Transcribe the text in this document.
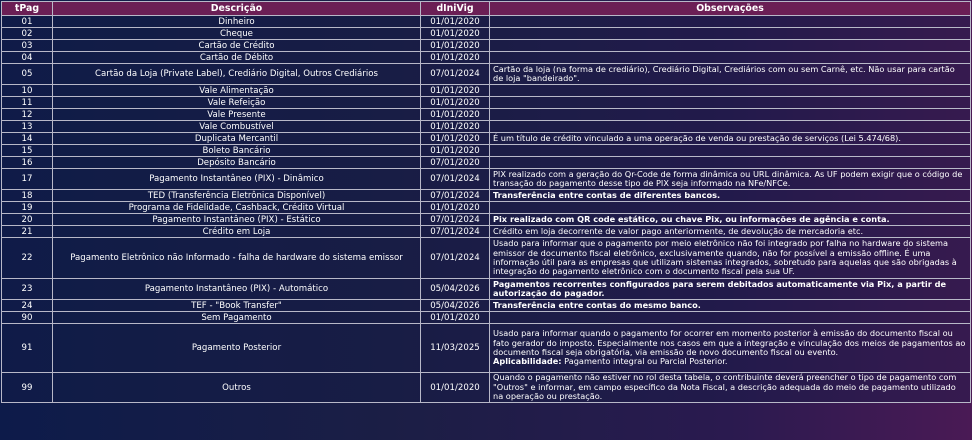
tPag	Descrição	dIniVig	Observações
01	Dinheiro	01/01/2020	
02	Cheque	01/01/2020	
03	Cartão de Crédito	01/01/2020	
04	Cartão de Débito	01/01/2020	
05	Cartão da Loja (Private Label), Crediário Digital, Outros Crediários	07/01/2024	Cartão da loja (na forma de crediário), Crediário Digital, Crediários com ou sem Carnê, etc. Não usar para cartão de loja "bandeirado".
10	Vale Alimentação	01/01/2020	
11	Vale Refeição	01/01/2020	
12	Vale Presente	01/01/2020	
13	Vale Combustível	01/01/2020	
14	Duplicata Mercantil	01/01/2020	É um título de crédito vinculado a uma operação de venda ou prestação de serviços (Lei 5.474/68).
15	Boleto Bancário	01/01/2020	
16	Depósito Bancário	07/01/2020	
17	Pagamento Instantâneo (PIX) - Dinâmico	07/01/2024	PIX realizado com a geração do Qr-Code de forma dinâmica ou URL dinâmica. As UF podem exigir que o código de transação do pagamento desse tipo de PIX seja informado na NFe/NFCe.
18	TED (Transferência Eletrônica Disponível)	07/01/2024	Transferência entre contas de diferentes bancos.
19	Programa de Fidelidade, Cashback, Crédito Virtual	01/01/2020	
20	Pagamento Instantâneo (PIX) - Estático	07/01/2024	Pix realizado com QR code estático, ou chave Pix, ou informações de agência e conta.
21	Crédito em Loja	07/01/2024	Crédito em loja decorrente de valor pago anteriormente, de devolução de mercadoria etc.
22	Pagamento Eletrônico não Informado - falha de hardware do sistema emissor	07/01/2024	Usado para informar que o pagamento por meio eletrônico não foi integrado por falha no hardware do sistema emissor de documento fiscal eletrônico, exclusivamente quando, não for possível a emissão offline. É uma informação útil para as empresas que utilizam sistemas integrados, sobretudo para aquelas que são obrigadas à integração do pagamento eletrônico com o documento fiscal pela sua UF.
23	Pagamento Instantâneo (PIX) - Automático	05/04/2026	Pagamentos recorrentes configurados para serem debitados automaticamente via Pix, a partir de autorização do pagador.
24	TEF - "Book Transfer"	05/04/2026	Transferência entre contas do mesmo banco.
90	Sem Pagamento	01/01/2020	
91	Pagamento Posterior	11/03/2025	Usado para informar quando o pagamento for ocorrer em momento posterior à emissão do documento fiscal ou fato gerador do imposto. Especialmente nos casos em que a integração e vinculação dos meios de pagamentos ao documento fiscal seja obrigatória, via emissão de novo documento fiscal ou evento.
Aplicabilidade: Pagamento integral ou Parcial Posterior.
99	Outros	01/01/2020	Quando o pagamento não estiver no rol desta tabela, o contribuinte deverá preencher o tipo de pagamento com "Outros" e informar, em campo específico da Nota Fiscal, a descrição adequada do meio de pagamento utilizado na operação ou prestação.
